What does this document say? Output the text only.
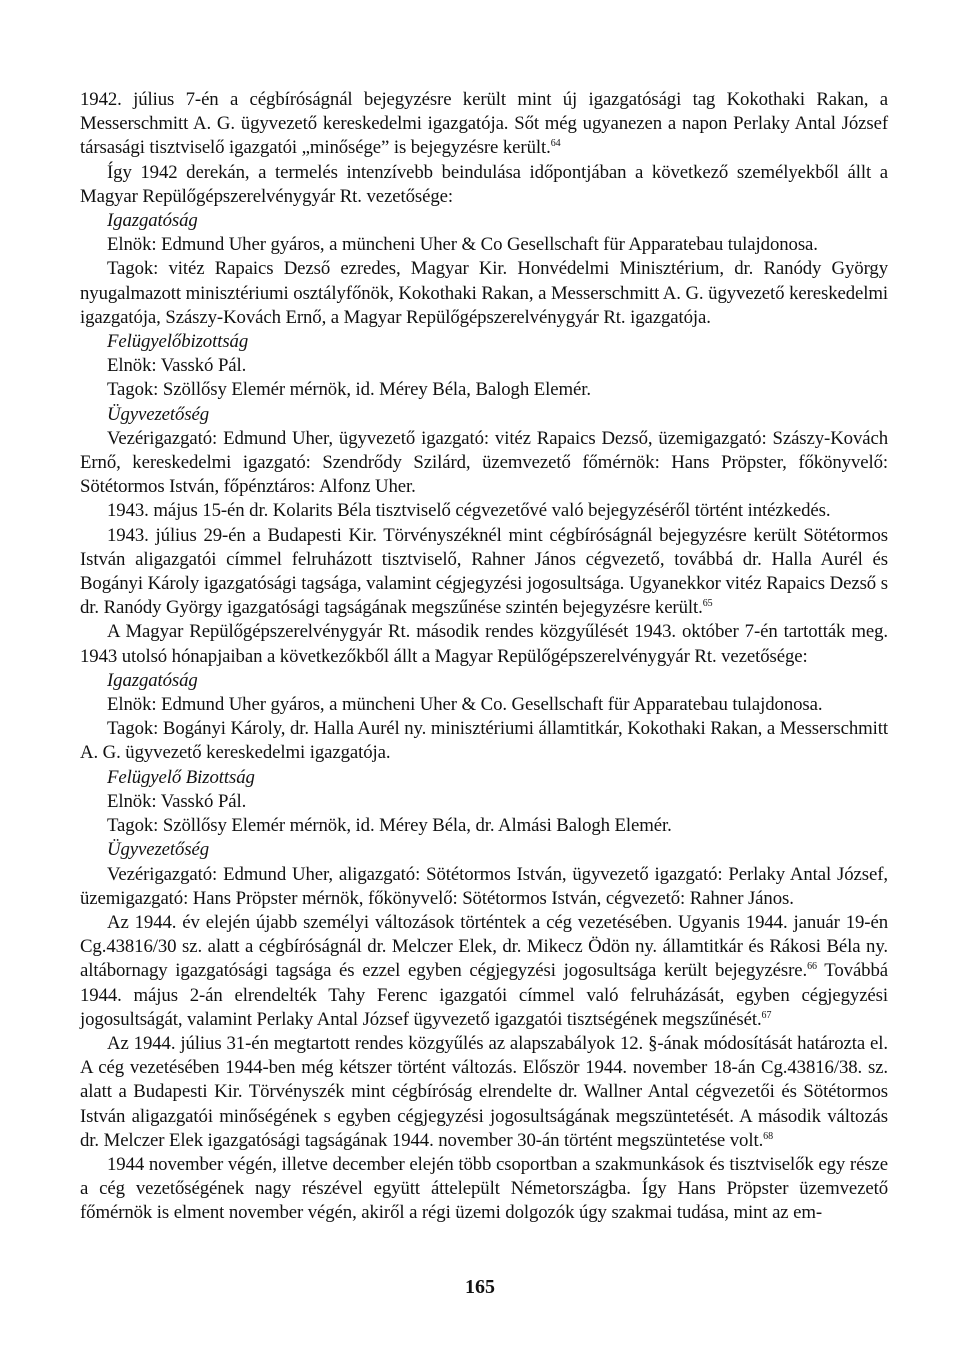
1942. július 7-én a cégbíróságnál bejegyzésre került mint új igazgatósági tag Kokothaki Rakan, a Messerschmitt A. G. ügyvezető kereskedelmi igazgatója. Sőt még ugyanezen a napon Perlaky Antal József társasági tisztviselő igazgatói „minősége” is bejegyzésre került.$^{64}$

Így 1942 derekán, a termelés intenzívebb beindulása időpontjában a következő személyekből állt a Magyar Repülőgépszerelvénygyár Rt. vezetősége:

Igazgatóság

Elnök: Edmund Uher gyáros, a müncheni Uher & Co Gesellschaft für Apparatebau tulajdonosa.

Tagok: vitéz Rapaics Dezső ezredes, Magyar Kir. Honvédelmi Minisztérium, dr. Ranódy György nyugalmazott minisztériumi osztályfőnök, Kokothaki Rakan, a Messerschmitt A. G. ügyvezető kereskedelmi igazgatója, Szászy-Kovách Ernő, a Magyar Repülőgépszerelvénygyár Rt. igazgatója.

Felügyelőbizottság

Elnök: Vasskó Pál.

Tagok: Szöllősy Elemér mérnök, id. Mérey Béla, Balogh Elemér.

Ügyvezetőség

Vezérigazgató: Edmund Uher, ügyvezető igazgató: vitéz Rapaics Dezső, üzemigazgató: Szászy-Kovách Ernő, kereskedelmi igazgató: Szendrődy Szilárd, üzemvezető főmérnök: Hans Pröpster, főkönyvelő: Sötétormos István, főpénztáros: Alfonz Uher.

1943. május 15-én dr. Kolarits Béla tisztviselő cégvezetővé való bejegyzéséről történt intézkedés.

1943. július 29-én a Budapesti Kir. Törvényszéknél mint cégbíróságnál bejegyzésre került Sötétormos István aligazgatói címmel felruházott tisztviselő, Rahner János cégvezető, továbbá dr. Halla Aurél és Bogányi Károly igazgatósági tagsága, valamint cégjegyzési jogosultsága. Ugyanekkor vitéz Rapaics Dezső s dr. Ranódy György igazgatósági tagságának megszűnése szintén bejegyzésre került.$^{65}$

A Magyar Repülőgépszerelvénygyár Rt. második rendes közgyűlését 1943. október 7-én tartották meg. 1943 utolsó hónapjaiban a következőkből állt a Magyar Repülőgépszerelvénygyár Rt. vezetősége:

Igazgatóság

Elnök: Edmund Uher gyáros, a müncheni Uher & Co. Gesellschaft für Apparatebau tulajdonosa.

Tagok: Bogányi Károly, dr. Halla Aurél ny. minisztériumi államtitkár, Kokothaki Rakan, a Messerschmitt A. G. ügyvezető kereskedelmi igazgatója.

Felügyelő Bizottság

Elnök: Vasskó Pál.

Tagok: Szöllősy Elemér mérnök, id. Mérey Béla, dr. Almási Balogh Elemér.

Ügyvezetőség

Vezérigazgató: Edmund Uher, aligazgató: Sötétormos István, ügyvezető igazgató: Perlaky Antal József, üzemigazgató: Hans Pröpster mérnök, főkönyvelő: Sötétormos István, cégvezető: Rahner János.

Az 1944. év elején újabb személyi változások történtek a cég vezetésében. Ugyanis 1944. január 19-én Cg.43816/30 sz. alatt a cégbíróságnál dr. Melczer Elek, dr. Mikecz Ödön ny. államtitkár és Rákosi Béla ny. altábornagy igazgatósági tagsága és ezzel egyben cégjegyzési jogosultsága került bejegyzésre.$^{66}$ Továbbá 1944. május 2-án elrendelték Tahy Ferenc igazgatói címmel való felruházását, egyben cégjegyzési jogosultságát, valamint Perlaky Antal József ügyvezető igazgatói tisztségének megszűnését.$^{67}$

Az 1944. július 31-én megtartott rendes közgyűlés az alapszabályok 12. §-ának módosítását határozta el. A cég vezetésében 1944-ben még kétszer történt változás. Először 1944. november 18-án Cg.43816/38. sz. alatt a Budapesti Kir. Törvényszék mint cégbíróság elrendelte dr. Wallner Antal cégvezetői és Sötétormos István aligazgatói minőségének s egyben cégjegyzési jogosultságának megszüntetését. A második változás dr. Melczer Elek igazgatósági tagságának 1944. november 30-án történt megszüntetése volt.$^{68}$

1944 november végén, illetve december elején több csoportban a szakmunkások és tisztviselők egy része a cég vezetőségének nagy részével együtt áttelepült Németországba. Így Hans Pröpster üzemvezető főmérnök is elment november végén, akiről a régi üzemi dolgozók úgy szakmai tudása, mint az em-

165
